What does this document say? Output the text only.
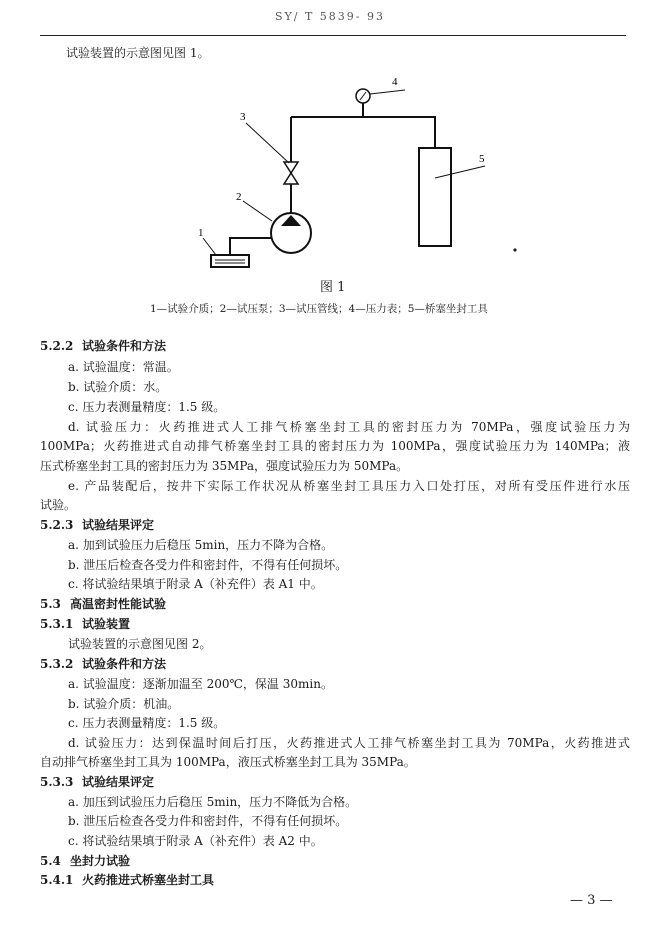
SY/ T 5839- 93
试验装置的示意图见图 1。
1
2
3
4
5
图 1
1—试验介质；2—试压泵；3—试压管线；4—压力表；5—桥塞坐封工具
5.2.2 试验条件和方法
a. 试验温度：常温。
b. 试验介质：水。
c. 压力表测量精度：1.5 级。
d. 试验压力：火药推进式人工排气桥塞坐封工具的密封压力为 70MPa，强度试验压力为
100MPa；火药推进式自动排气桥塞坐封工具的密封压力为 100MPa，强度试验压力为 140MPa；液
压式桥塞坐封工具的密封压力为 35MPa，强度试验压力为 50MPa。
e. 产品装配后，按井下实际工作状况从桥塞坐封工具压力入口处打压，对所有受压件进行水压
试验。
5.2.3 试验结果评定
a. 加到试验压力后稳压 5min，压力不降为合格。
b. 泄压后检查各受力件和密封件，不得有任何损坏。
c. 将试验结果填于附录 A（补充件）表 A1 中。
5.3 高温密封性能试验
5.3.1 试验装置
试验装置的示意图见图 2。
5.3.2 试验条件和方法
a. 试验温度：逐渐加温至 200℃，保温 30min。
b. 试验介质：机油。
c. 压力表测量精度：1.5 级。
d. 试验压力：达到保温时间后打压，火药推进式人工排气桥塞坐封工具为 70MPa，火药推进式
自动排气桥塞坐封工具为 100MPa，液压式桥塞坐封工具为 35MPa。
5.3.3 试验结果评定
a. 加压到试验压力后稳压 5min，压力不降低为合格。
b. 泄压后检查各受力件和密封件，不得有任何损坏。
c. 将试验结果填于附录 A（补充件）表 A2 中。
5.4 坐封力试验
5.4.1 火药推进式桥塞坐封工具
— 3 —
